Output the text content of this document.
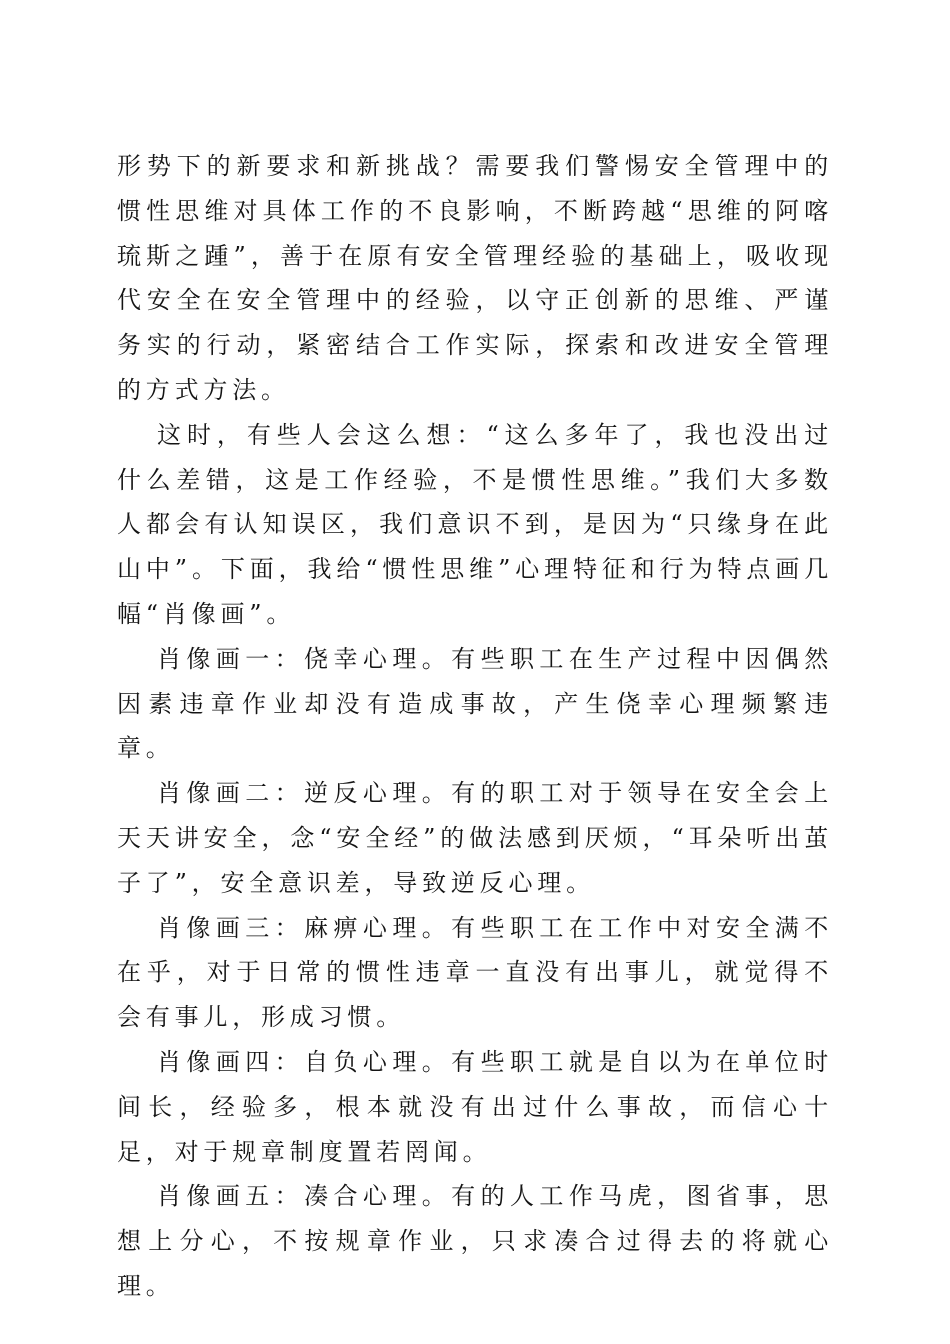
形势下的新要求和新挑战？需要我们警惕安全管理中的惯性思维对具体工作的不良影响，不断跨越“思维的阿喀琉斯之踵”，善于在原有安全管理经验的基础上，吸收现代安全在安全管理中的经验，以守正创新的思维、严谨务实的行动，紧密结合工作实际，探索和改进安全管理的方式方法。

这时，有些人会这么想：“这么多年了，我也没出过什么差错，这是工作经验，不是惯性思维。”我们大多数人都会有认知误区，我们意识不到，是因为“只缘身在此山中”。下面，我给“惯性思维”心理特征和行为特点画几幅“肖像画”。

肖像画一：侥幸心理。有些职工在生产过程中因偶然因素违章作业却没有造成事故，产生侥幸心理频繁违章。

肖像画二：逆反心理。有的职工对于领导在安全会上天天讲安全，念“安全经”的做法感到厌烦，“耳朵听出茧子了”，安全意识差，导致逆反心理。

肖像画三：麻痹心理。有些职工在工作中对安全满不在乎，对于日常的惯性违章一直没有出事儿，就觉得不会有事儿，形成习惯。

肖像画四：自负心理。有些职工就是自以为在单位时间长，经验多，根本就没有出过什么事故，而信心十足，对于规章制度置若罔闻。

肖像画五：凑合心理。有的人工作马虎，图省事，思想上分心，不按规章作业，只求凑合过得去的将就心理。
